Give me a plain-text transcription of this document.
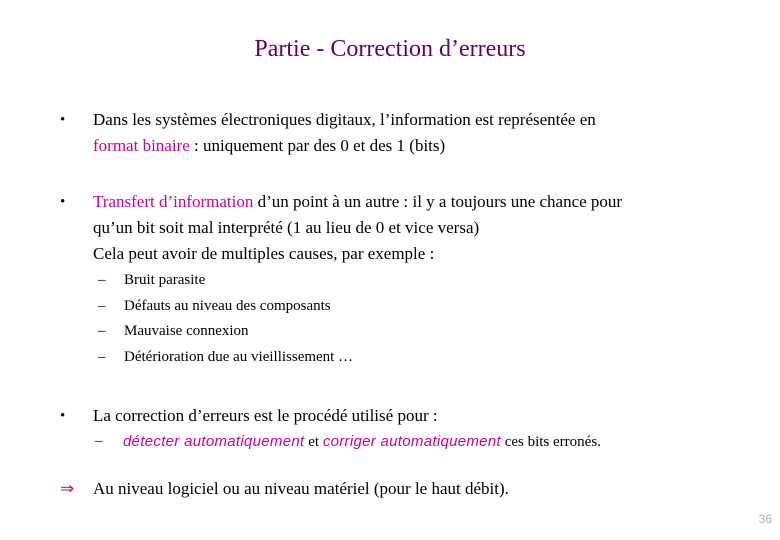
Partie - Correction d’erreurs
•	Dans les systèmes électroniques digitaux, l’information est représentée en
format binaire : uniquement par des 0 et des 1 (bits)
•	Transfert d’information d’un point à un autre : il y a toujours une chance pour
qu’un bit soit mal interprété (1 au lieu de 0 et vice versa)
Cela peut avoir de multiples causes, par exemple :
– Bruit parasite
– Défauts au niveau des composants
– Mauvaise connexion
– Détérioration due au vieillissement …
•	La correction d’erreurs est le procédé utilisé pour :
– détecter automatiquement et corriger automatiquement ces bits erronés.
⇒ Au niveau logiciel ou au niveau matériel (pour le haut débit).
36
